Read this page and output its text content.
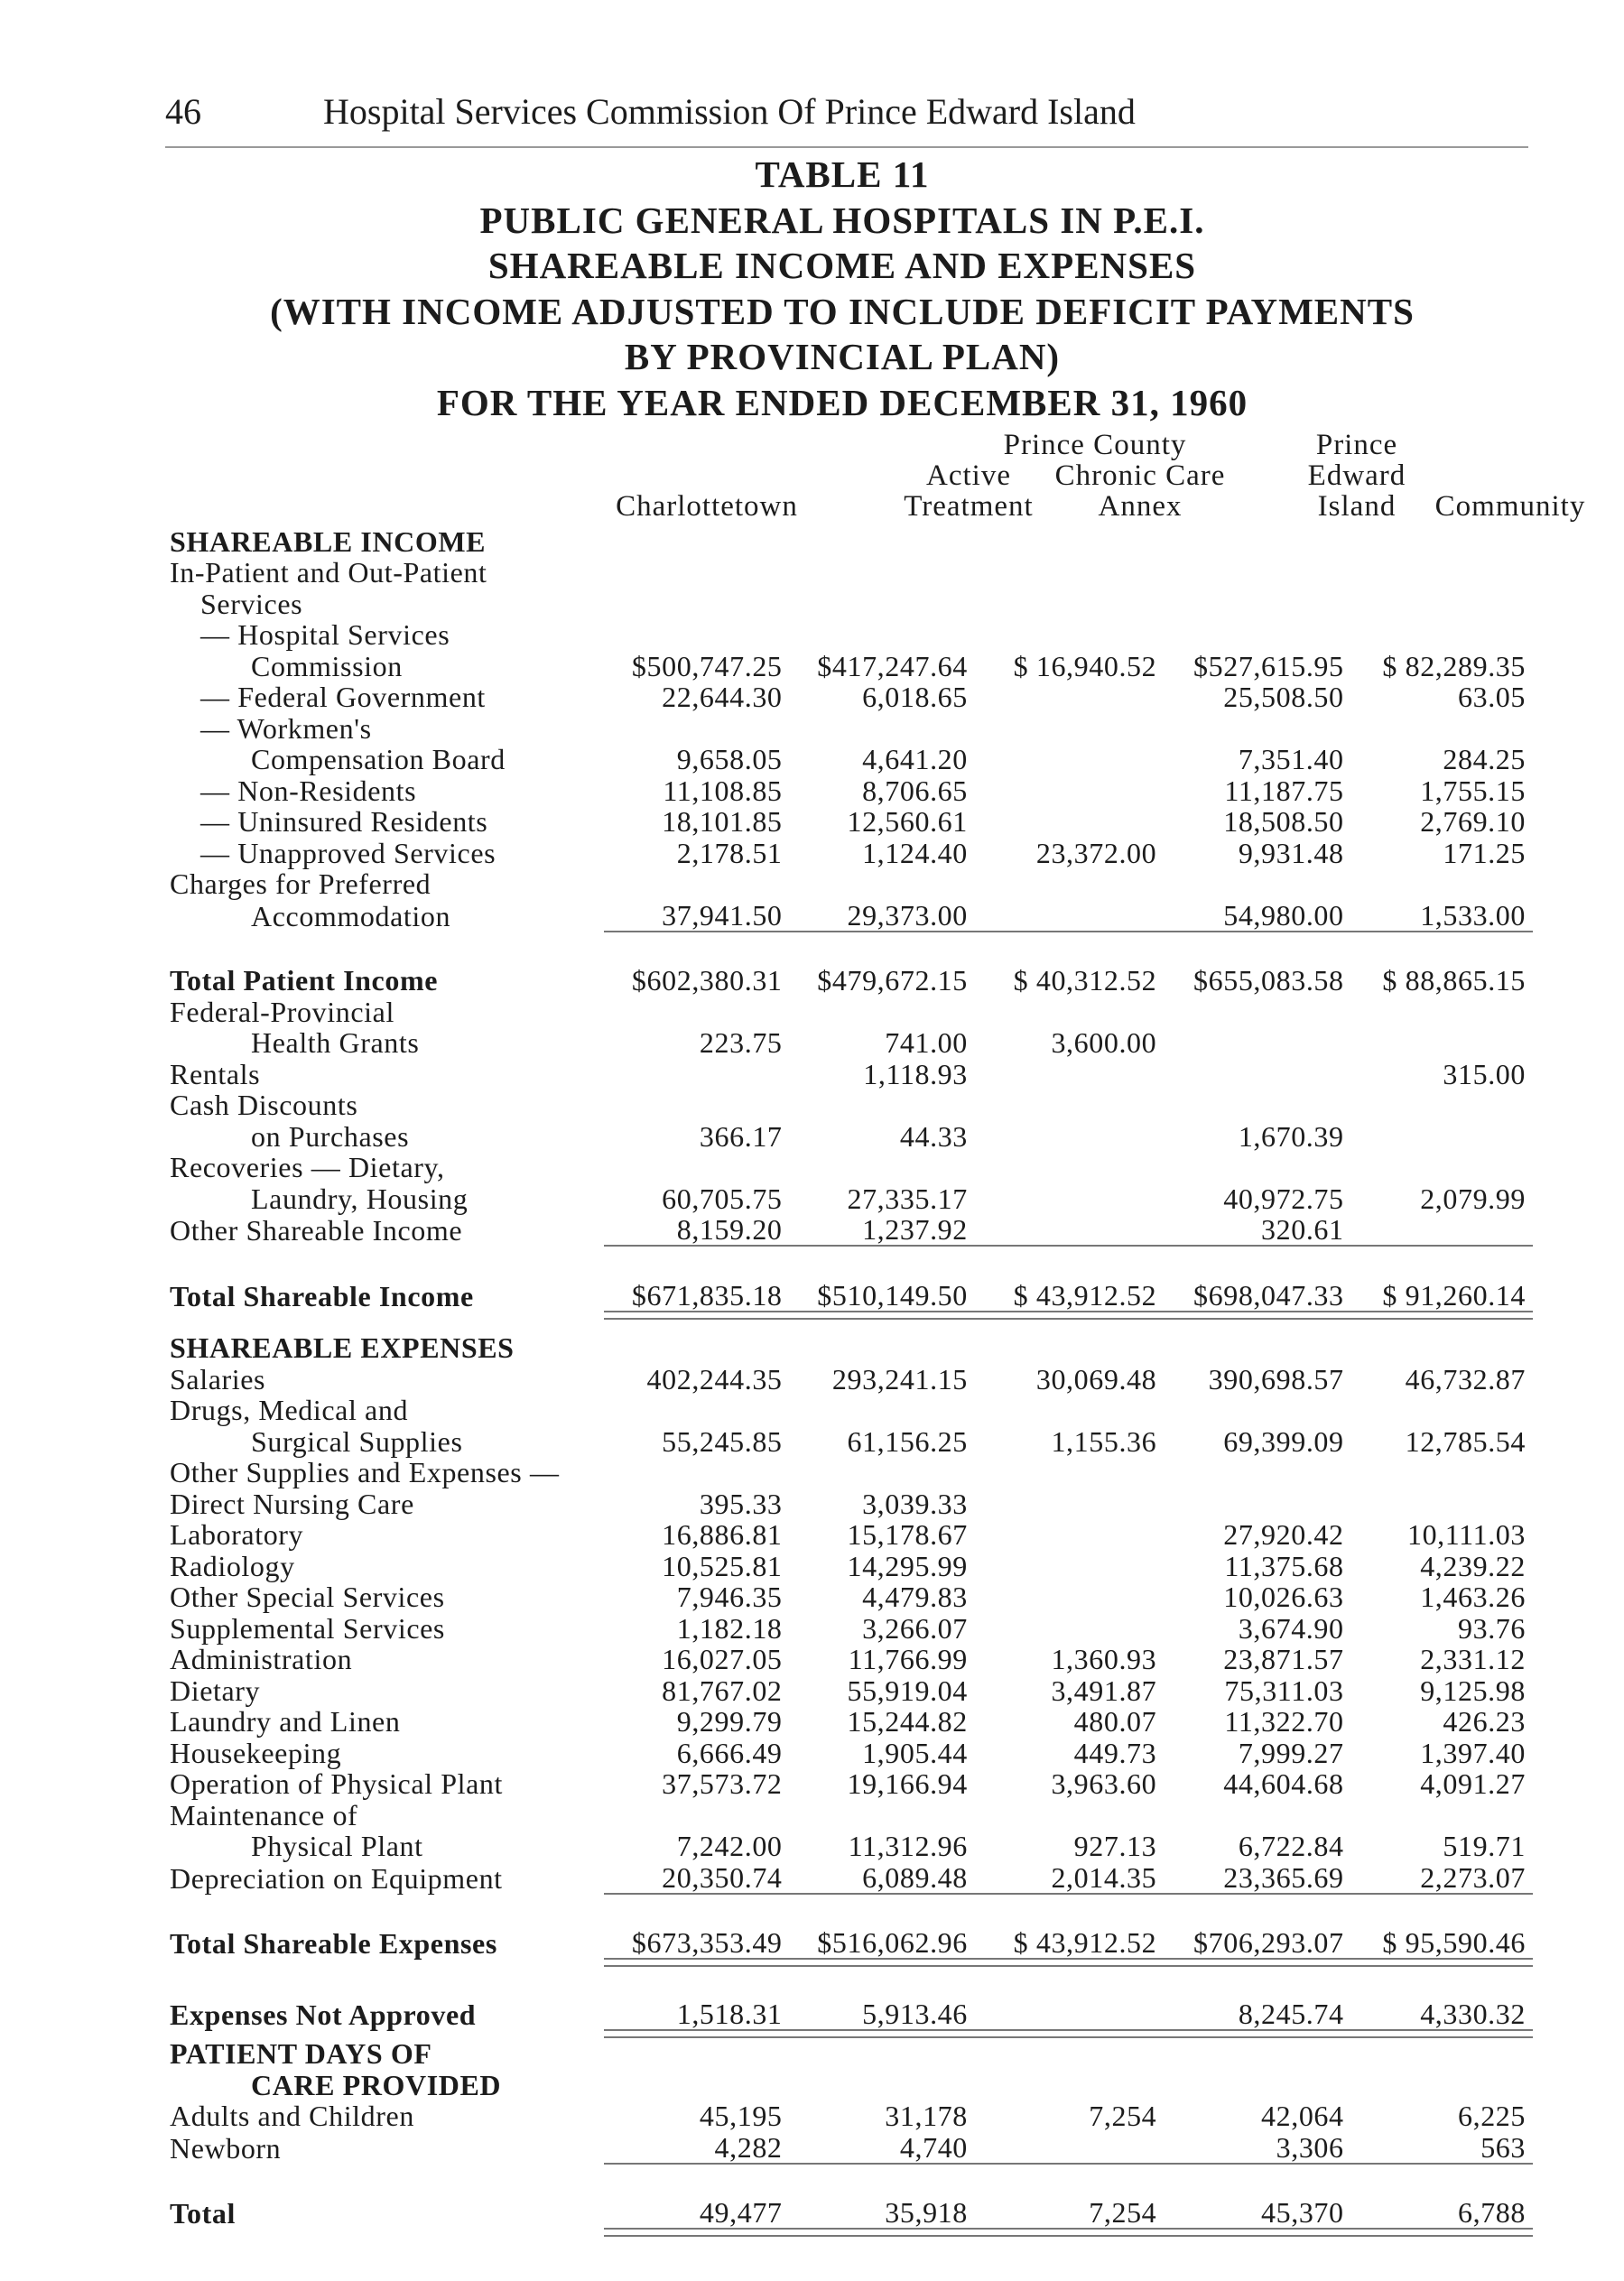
46	Hospital Services Commission Of Prince Edward Island
TABLE 11
PUBLIC GENERAL HOSPITALS IN P.E.I.
SHAREABLE INCOME AND EXPENSES
(WITH INCOME ADJUSTED TO INCLUDE DEFICIT PAYMENTS
BY PROVINCIAL PLAN)
FOR THE YEAR ENDED DECEMBER 31, 1960
Prince County	Prince
Active	Chronic Care	Edward
Charlottetown	Treatment	Annex	Island	Community
SHAREABLE INCOME					
In-Patient and Out-Patient					
Services					
— Hospital Services					
Commission	$500,747.25	$417,247.64	$ 16,940.52	$527,615.95	$ 82,289.35
— Federal Government	22,644.30	6,018.65		25,508.50	63.05
— Workmen's					
Compensation Board	9,658.05	4,641.20		7,351.40	284.25
— Non-Residents	11,108.85	8,706.65		11,187.75	1,755.15
— Uninsured Residents	18,101.85	12,560.61		18,508.50	2,769.10
— Unapproved Services	2,178.51	1,124.40	23,372.00	9,931.48	171.25
Charges for Preferred					
Accommodation	37,941.50	29,373.00		54,980.00	1,533.00

Total Patient Income	$602,380.31	$479,672.15	$ 40,312.52	$655,083.58	$ 88,865.15
Federal-Provincial					
Health Grants	223.75	741.00	3,600.00		
Rentals		1,118.93			315.00
Cash Discounts					
on Purchases	366.17	44.33		1,670.39	
Recoveries — Dietary,					
Laundry, Housing	60,705.75	27,335.17		40,972.75	2,079.99
Other Shareable Income	8,159.20	1,237.92		320.61	

Total Shareable Income	$671,835.18	$510,149.50	$ 43,912.52	$698,047.33	$ 91,260.14

SHAREABLE EXPENSES					
Salaries	402,244.35	293,241.15	30,069.48	390,698.57	46,732.87
Drugs, Medical and					
Surgical Supplies	55,245.85	61,156.25	1,155.36	69,399.09	12,785.54
Other Supplies and Expenses —					
Direct Nursing Care	395.33	3,039.33			
Laboratory	16,886.81	15,178.67		27,920.42	10,111.03
Radiology	10,525.81	14,295.99		11,375.68	4,239.22
Other Special Services	7,946.35	4,479.83		10,026.63	1,463.26
Supplemental Services	1,182.18	3,266.07		3,674.90	93.76
Administration	16,027.05	11,766.99	1,360.93	23,871.57	2,331.12
Dietary	81,767.02	55,919.04	3,491.87	75,311.03	9,125.98
Laundry and Linen	9,299.79	15,244.82	480.07	11,322.70	426.23
Housekeeping	6,666.49	1,905.44	449.73	7,999.27	1,397.40
Operation of Physical Plant	37,573.72	19,166.94	3,963.60	44,604.68	4,091.27
Maintenance of					
Physical Plant	7,242.00	11,312.96	927.13	6,722.84	519.71
Depreciation on Equipment	20,350.74	6,089.48	2,014.35	23,365.69	2,273.07

Total Shareable Expenses	$673,353.49	$516,062.96	$ 43,912.52	$706,293.07	$ 95,590.46

Expenses Not Approved	1,518.31	5,913.46		8,245.74	4,330.32

PATIENT DAYS OF					
CARE PROVIDED					
Adults and Children	45,195	31,178	7,254	42,064	6,225
Newborn	4,282	4,740		3,306	563

Total	49,477	35,918	7,254	45,370	6,788
